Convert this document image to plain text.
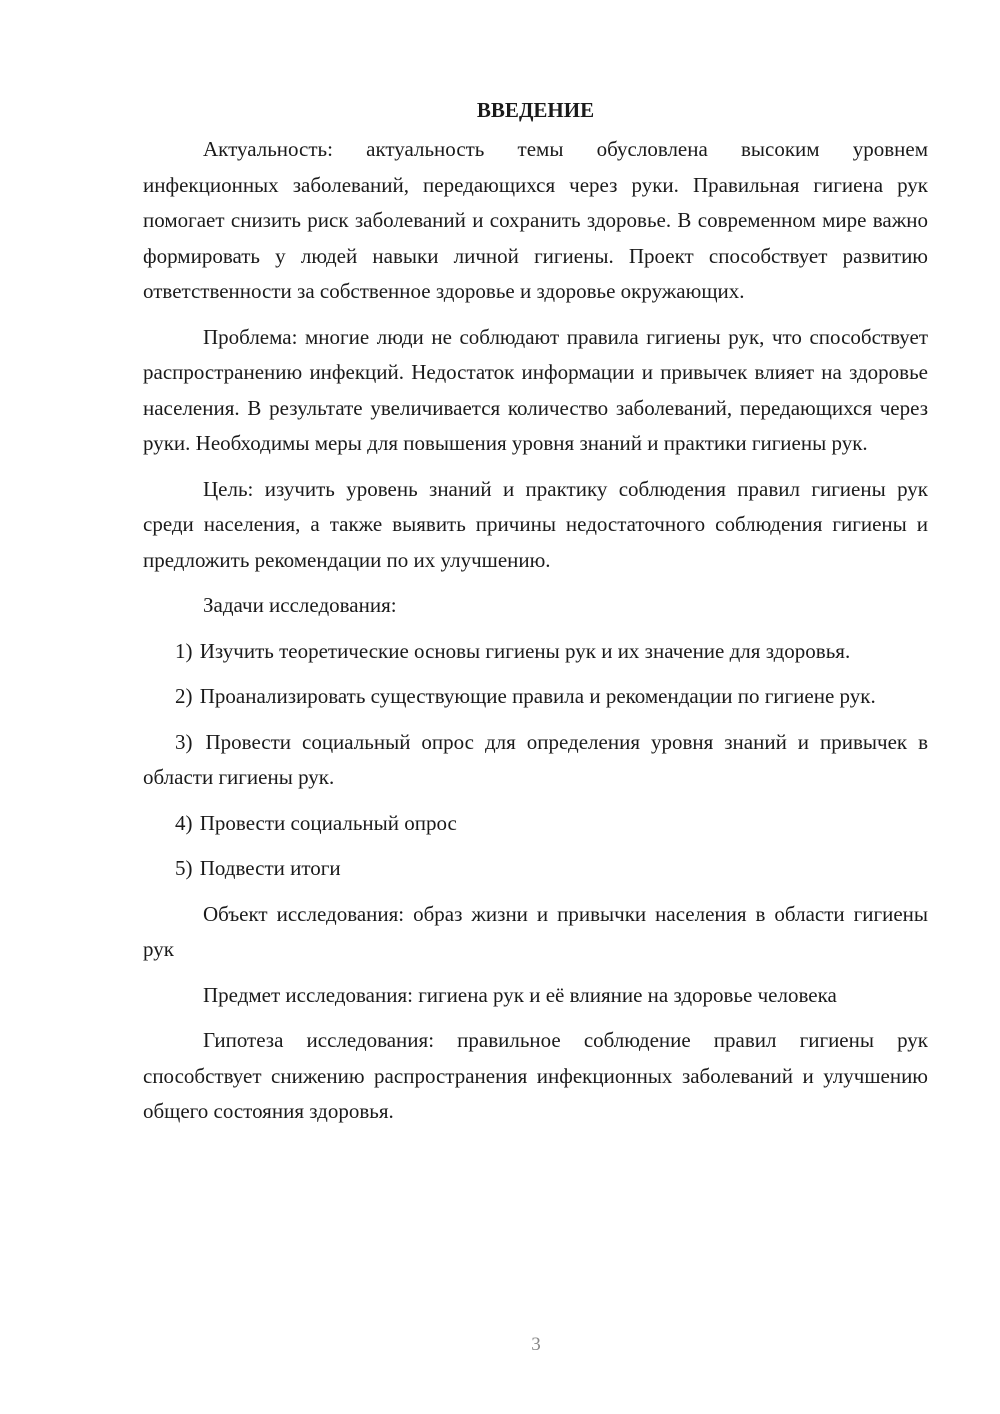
ВВЕДЕНИЕ

Актуальность: актуальность темы обусловлена высоким уровнем инфекционных заболеваний, передающихся через руки. Правильная гигиена рук помогает снизить риск заболеваний и сохранить здоровье. В современном мире важно формировать у людей навыки личной гигиены. Проект способствует развитию ответственности за собственное здоровье и здоровье окружающих.

Проблема: многие люди не соблюдают правила гигиены рук, что способствует распространению инфекций. Недостаток информации и привычек влияет на здоровье населения. В результате увеличивается количество заболеваний, передающихся через руки. Необходимы меры для повышения уровня знаний и практики гигиены рук.

Цель: изучить уровень знаний и практику соблюдения правил гигиены рук среди населения, а также выявить причины недостаточного соблюдения гигиены и предложить рекомендации по их улучшению.

Задачи исследования:

1) Изучить теоретические основы гигиены рук и их значение для здоровья.

2) Проанализировать существующие правила и рекомендации по гигиене рук.

3) Провести социальный опрос для определения уровня знаний и привычек в области гигиены рук.

4) Провести социальный опрос

5) Подвести итоги

Объект исследования: образ жизни и привычки населения в области гигиены рук

Предмет исследования: гигиена рук и её влияние на здоровье человека

Гипотеза исследования: правильное соблюдение правил гигиены рук способствует снижению распространения инфекционных заболеваний и улучшению общего состояния здоровья.

3
